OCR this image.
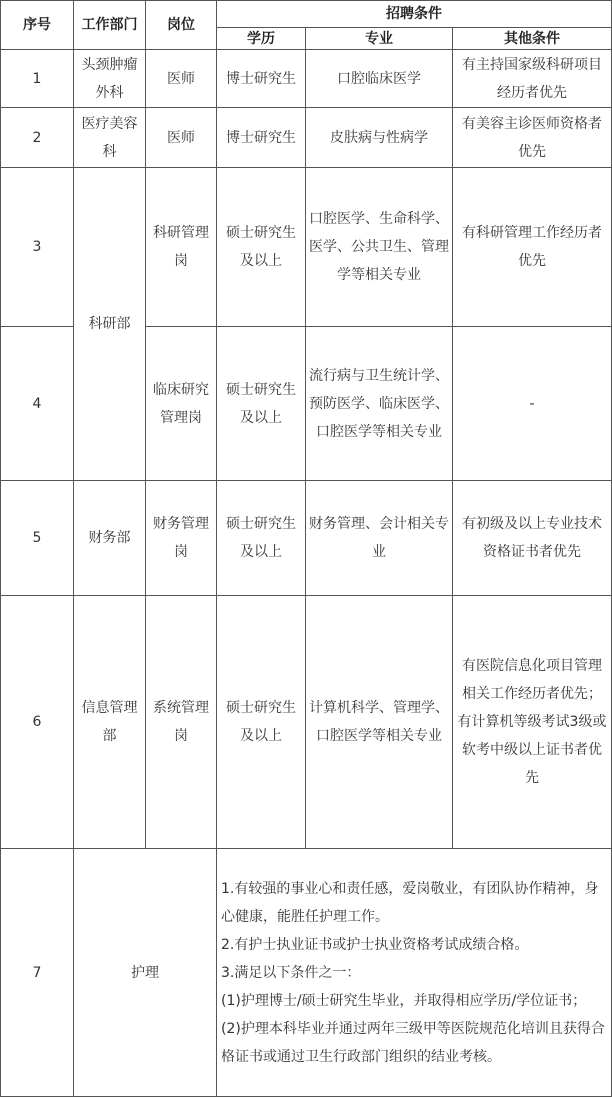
序号	工作部门	岗位	招聘条件		
			学历	专业	其他条件
1	头颈肿瘤外科	医师	博士研究生	口腔临床医学	有主持国家级科研项目经历者优先
2	医疗美容科	医师	博士研究生	皮肤病与性病学	有美容主诊医师资格者优先
3	科研部	科研管理岗	硕士研究生及以上	口腔医学、生命科学、医学、公共卫生、管理学等相关专业	有科研管理工作经历者优先
4		临床研究管理岗	硕士研究生及以上	流行病与卫生统计学、预防医学、临床医学、口腔医学等相关专业	-
5	财务部	财务管理岗	硕士研究生及以上	财务管理、会计相关专业	有初级及以上专业技术资格证书者优先
6	信息管理部	系统管理岗	硕士研究生及以上	计算机科学、管理学、口腔医学等相关专业	有医院信息化项目管理相关工作经历者优先；有计算机等级考试3级或软考中级以上证书者优先
7	护理		1.有较强的事业心和责任感，爱岗敬业，有团队协作精神，身心健康，能胜任护理工作。

2.有护士执业证书或护士执业资格考试成绩合格。

3.满足以下条件之一：

(1)护理博士/硕士研究生毕业，并取得相应学历/学位证书；

(2)护理本科毕业并通过两年三级甲等医院规范化培训且获得合格证书或通过卫生行政部门组织的结业考核。		
